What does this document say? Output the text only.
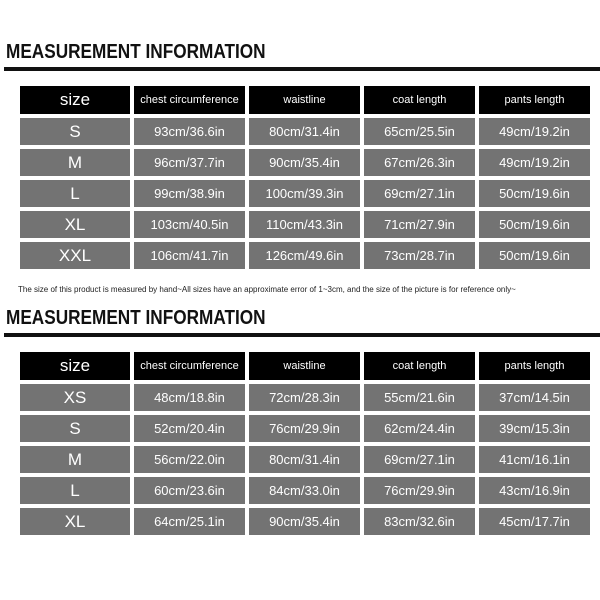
MEASUREMENT INFORMATION
size	chest circumference	waistline	coat length	pants length
S	93cm/36.6in	80cm/31.4in	65cm/25.5in	49cm/19.2in
M	96cm/37.7in	90cm/35.4in	67cm/26.3in	49cm/19.2in
L	99cm/38.9in	100cm/39.3in	69cm/27.1in	50cm/19.6in
XL	103cm/40.5in	110cm/43.3in	71cm/27.9in	50cm/19.6in
XXL	106cm/41.7in	126cm/49.6in	73cm/28.7in	50cm/19.6in

The size of this product is measured by hand~All sizes have an approximate error of 1~3cm, and the size of the picture is for reference only~

MEASUREMENT INFORMATION
size	chest circumference	waistline	coat length	pants length
XS	48cm/18.8in	72cm/28.3in	55cm/21.6in	37cm/14.5in
S	52cm/20.4in	76cm/29.9in	62cm/24.4in	39cm/15.3in
M	56cm/22.0in	80cm/31.4in	69cm/27.1in	41cm/16.1in
L	60cm/23.6in	84cm/33.0in	76cm/29.9in	43cm/16.9in
XL	64cm/25.1in	90cm/35.4in	83cm/32.6in	45cm/17.7in
